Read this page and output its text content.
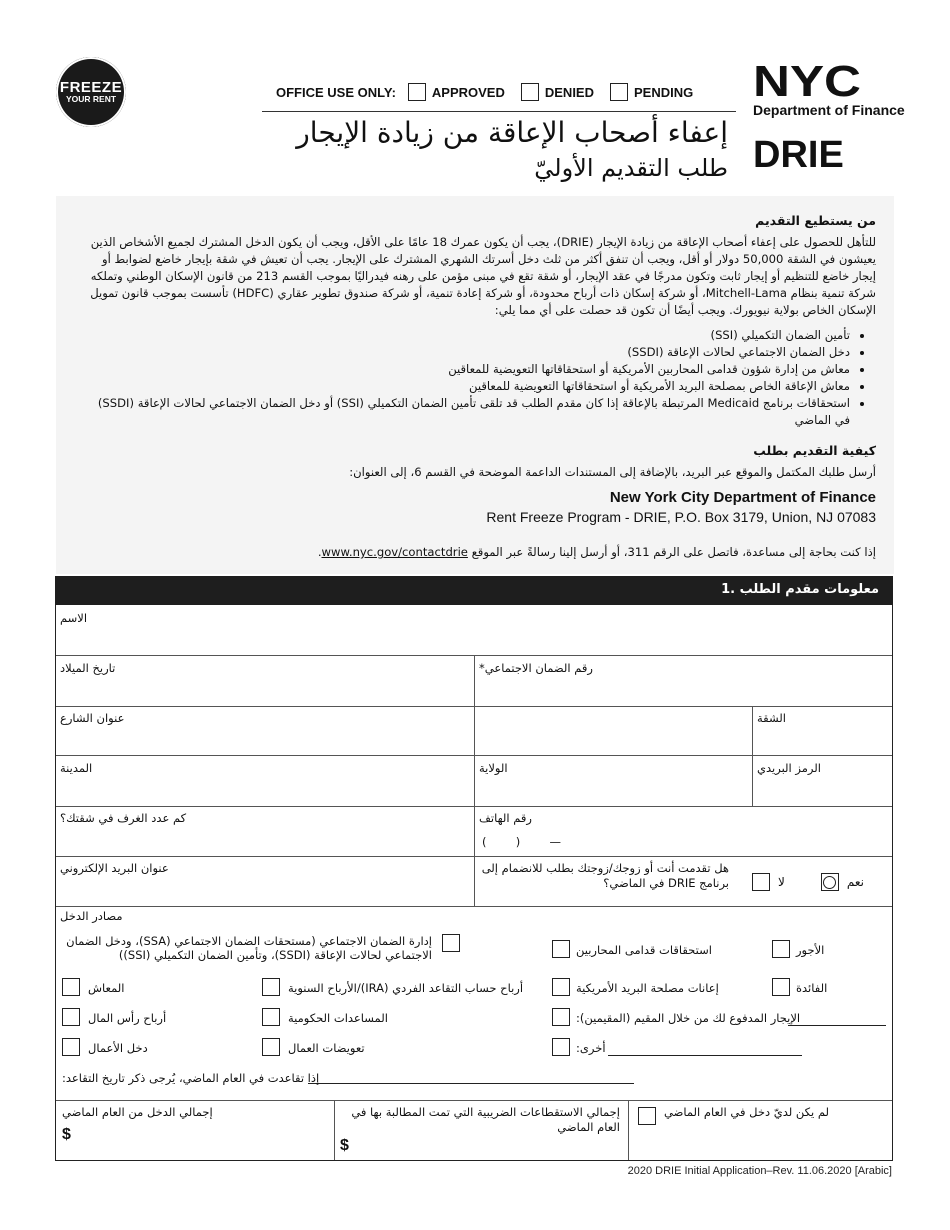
FREEZE
YOUR RENT	OFFICE USE ONLY:	APPROVED	DENIED	PENDING NYC
Department of Finance
إعفاء أصحاب الإعاقة من زيادة الإيجار
طلب التقديم الأوليّ DRIE
من يستطيع التقديم

للتأهل للحصول على إعفاء أصحاب الإعاقة من زيادة الإيجار (DRIE)، يجب أن يكون عمرك 18 عامًا على الأقل، ويجب أن يكون الدخل المشترك لجميع الأشخاص الذين يعيشون في الشقة 50,000 دولار أو أقل، ويجب أن تنفق أكثر من ثلث دخل أسرتك الشهري المشترك على الإيجار. يجب أن تعيش في شقة بإيجار خاضع لضوابط أو إيجار خاضع للتنظيم أو إيجار ثابت وتكون مدرجًا في عقد الإيجار، أو شقة تقع في مبنى مؤمن على رهنه فيدراليًا بموجب القسم 213 من قانون الإسكان الوطني وتملكه شركة تنمية بنظام Mitchell-Lama، أو شركة إسكان ذات أرباح محدودة، أو شركة إعادة تنمية، أو شركة صندوق تطوير عقاري (HDFC) تأسست بموجب قانون تمويل الإسكان الخاص بولاية نيويورك. ويجب أيضًا أن تكون قد حصلت على أي مما يلي:

• تأمين الضمان التكميلي (SSI)
• دخل الضمان الاجتماعي لحالات الإعاقة (SSDI)
• معاش من إدارة شؤون قدامى المحاربين الأمريكية أو استحقاقاتها التعويضية للمعاقين
• معاش الإعاقة الخاص بمصلحة البريد الأمريكية أو استحقاقاتها التعويضية للمعاقين
• استحقاقات برنامج Medicaid المرتبطة بالإعاقة إذا كان مقدم الطلب قد تلقى تأمين الضمان التكميلي (SSI) أو دخل الضمان الاجتماعي لحالات الإعاقة (SSDI) في الماضي
كيفية التقديم بطلب

أرسل طلبك المكتمل والموقع عبر البريد، بالإضافة إلى المستندات الداعمة الموضحة في القسم 6، إلى العنوان:

New York City Department of Finance
Rent Freeze Program - DRIE, P.O. Box 3179, Union, NJ 07083

إذا كنت بحاجة إلى مساعدة، فاتصل على الرقم 311، أو أرسل إلينا رسالةً عبر الموقع www.nyc.gov/contactdrie.

1. معلومات مقدم الطلب
الاسم
تاريخ الميلاد	رقم الضمان الاجتماعي*
عنوان الشارع	الشقة
المدينة	الولاية	الرمز البريدي
كم عدد الغرف في شقتك؟	رقم الهاتف
(        )        —
عنوان البريد الإلكتروني	هل تقدمت أنت أو زوجك/زوجتك بطلب للانضمام إلى برنامج DRIE في الماضي؟	لا	نعم
مصادر الدخل
إدارة الضمان الاجتماعي (مستحقات الضمان الاجتماعي (SSA)، ودخل الضمان الاجتماعي لحالات الإعاقة (SSDI)، وتأمين الضمان التكميلي (SSI))	استحقاقات قدامى المحاربين	الأجور
المعاش	أرباح حساب التقاعد الفردي (IRA)/الأرباح السنوية	إعانات مصلحة البريد الأمريكية	الفائدة
أرباح رأس المال	المساعدات الحكومية	الإيجار المدفوع لك من خلال المقيم (المقيمين):
دخل الأعمال	تعويضات العمال	أخرى:
إذا تقاعدت في العام الماضي، يُرجى ذكر تاريخ التقاعد:
إجمالي الدخل من العام الماضي
$
إجمالي الاستقطاعات الضريبية التي تمت المطالبة بها في العام الماضي
$
لم يكن لديّ دخل في العام الماضي
2020 DRIE Initial Application–Rev. 11.06.2020 [Arabic]
